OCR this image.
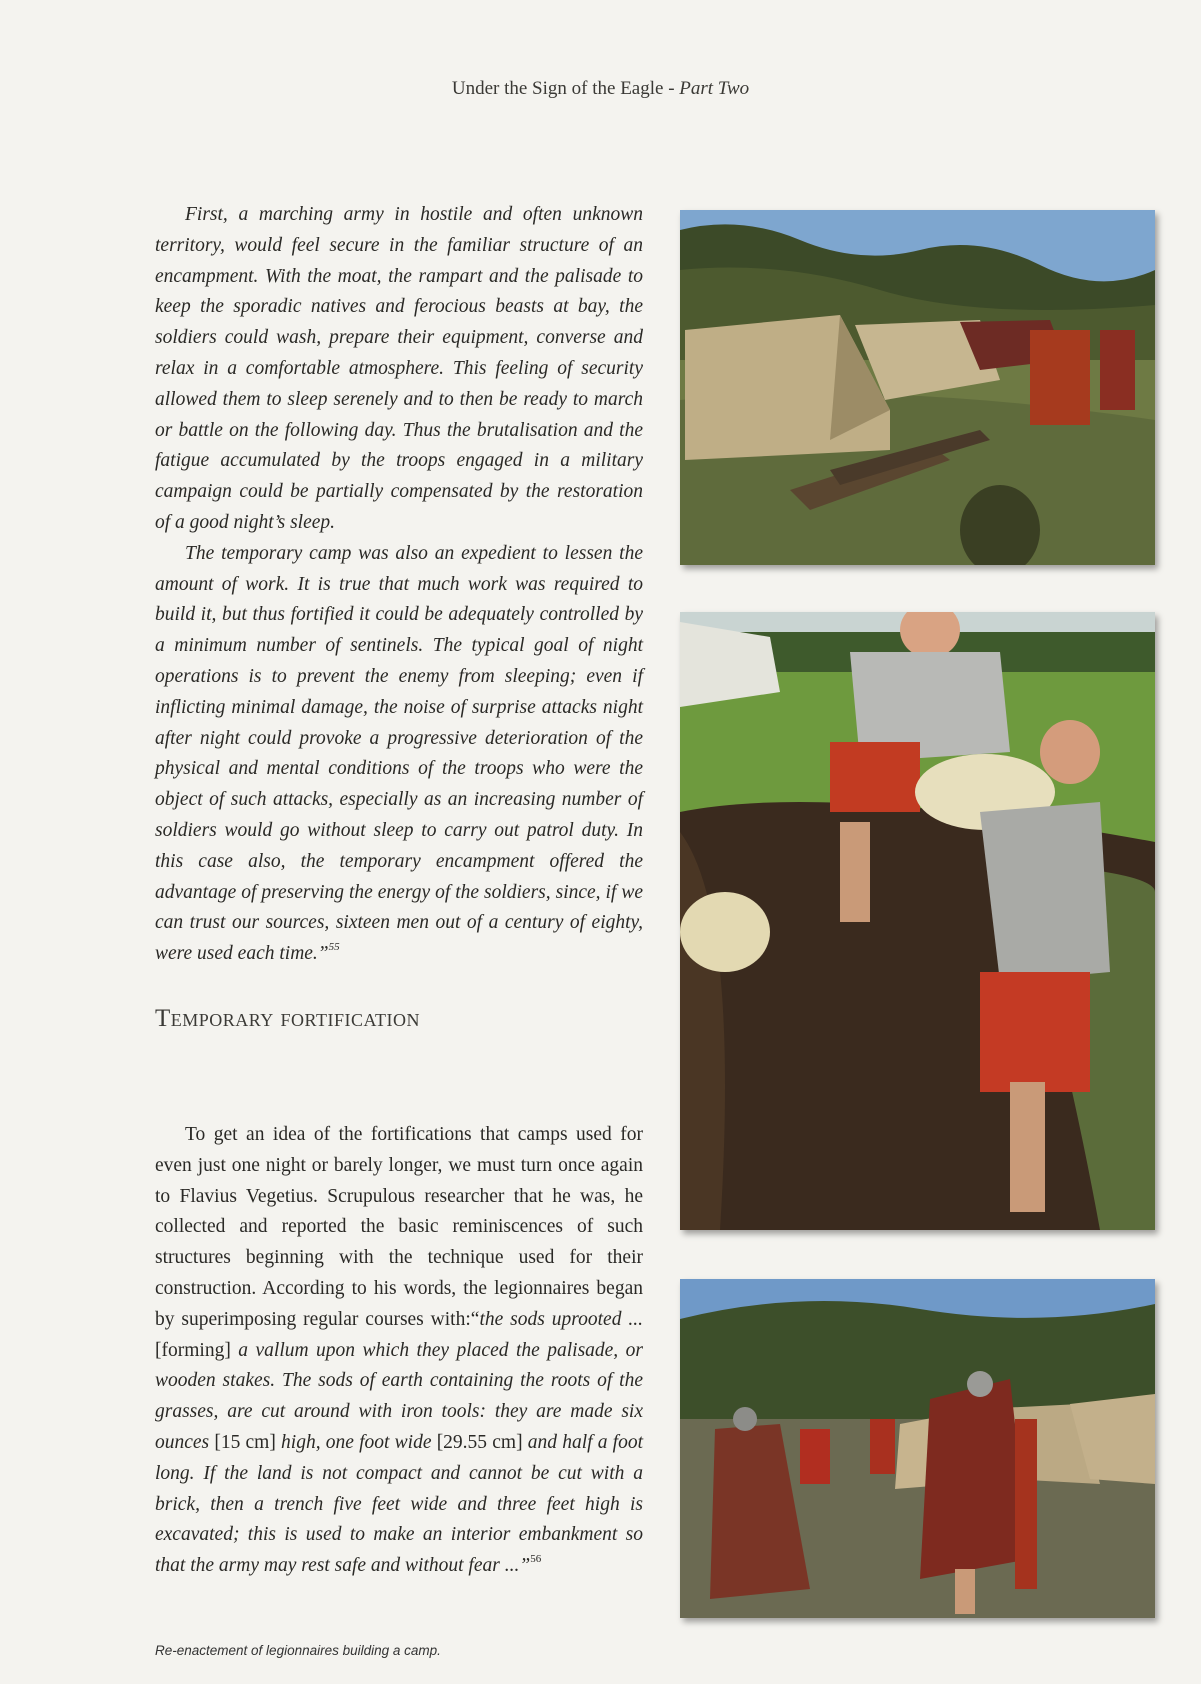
Under the Sign of the Eagle - Part Two

First, a marching army in hostile and often unknown territory, would feel secure in the familiar structure of an encampment. With the moat, the rampart and the palisade to keep the sporadic natives and ferocious beasts at bay, the soldiers could wash, prepare their equipment, converse and relax in a comfortable atmosphere. This feeling of security allowed them to sleep serenely and to then be ready to march or battle on the following day. Thus the brutalisation and the fatigue accumulated by the troops engaged in a military campaign could be partially compensated by the restoration of a good night’s sleep.

The temporary camp was also an expedient to lessen the amount of work. It is true that much work was required to build it, but thus fortified it could be adequately controlled by a minimum number of sentinels. The typical goal of night operations is to prevent the enemy from sleeping; even if inflicting minimal damage, the noise of surprise attacks night after night could provoke a progressive deterioration of the physical and mental conditions of the troops who were the object of such attacks, especially as an increasing number of soldiers would go without sleep to carry out patrol duty. In this case also, the temporary encampment offered the advantage of preserving the energy of the soldiers, since, if we can trust our sources, sixteen men out of a century of eighty, were used each time.”$^{55}$

Temporary fortification

To get an idea of the fortifications that camps used for even just one night or barely longer, we must turn once again to Flavius Vegetius. Scrupulous researcher that he was, he collected and reported the basic reminiscences of such structures beginning with the technique used for their construction. According to his words, the legionnaires began by superimposing regular courses with:“the sods uprooted ...[forming] a vallum upon which they placed the palisade, or wooden stakes. The sods of earth containing the roots of the grasses, are cut around with iron tools: they are made six ounces [15 cm] high, one foot wide [29.55 cm] and half a foot long. If the land is not compact and cannot be cut with a brick, then a trench five feet wide and three feet high is excavated; this is used to make an interior embankment so that the army may rest safe and without fear ...”$^{56}$

Re-enactement of legionnaires building a camp.
